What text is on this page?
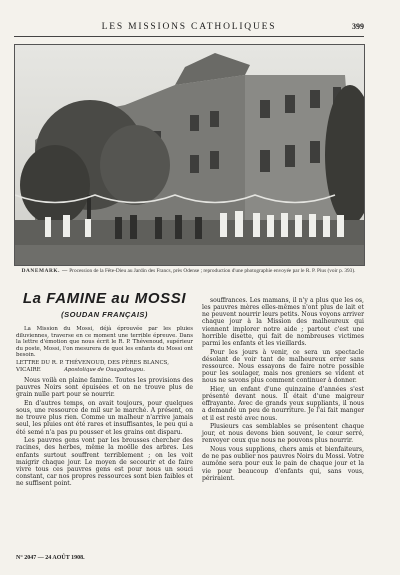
LES MISSIONS CATHOLIQUES	399
DANEMARK. — Procession de la Fête-Dieu au Jardin des Francs, près Odense ; reproduction d'une photographie envoyée par le R. P. Pius (voir p. 393).
La FAMINE au MOSSI
(SOUDAN FRANÇAIS)

La Mission du Mossi, déjà éprouvée par les pluies diluviennes, traverse en ce moment une terrible épreuve. Dans la lettre d'émotion que nous écrit le R. P. Thévenoud, supérieur du poste, Mossi, l'on mesurera de quoi les enfants du Mossi ont besoin.

LETTRE DU R. P. THÉVENOUD, DES PÈRES BLANCS, VICAIRE	Apostolique de Ouagadougou.

Nous voilà en plaine famine. Toutes les provisions des pauvres Noirs sont épuisées et on ne trouve plus de grain nulle part pour se nourrir.

En d'autres temps, on avait toujours, pour quelques sous, une ressource de mil sur le marché. A présent, on ne trouve plus rien. Comme un malheur n'arrive jamais seul, les pluies ont été rares et insuffisantes, le peu qui a été semé n'a pas pu pousser et les grains ont disparu.

Les pauvres gens vont par les brousses chercher des racines, des herbes, même la moëlle des arbres. Les enfants surtout souffrent terriblement ; on les voit maigrir chaque jour. Le moyen de secourir et de faire vivre tous ces pauvres gens est pour nous un souci constant, car nos propres ressources sont bien faibles et ne suffisent point.

souffrances. Les mamans, il n'y a plus que les os, les pauvres mères elles-mêmes n'ont plus de lait et ne peuvent nourrir leurs petits. Nous voyons arriver chaque jour à la Mission des malheureux qui viennent implorer notre aide ; partout c'est une horrible disette, qui fait de nombreuses victimes parmi les enfants et les vieillards.

Pour les jours à venir, ce sera un spectacle désolant de voir tant de malheureux errer sans ressource. Nous essayons de faire notre possible pour les soulager, mais nos greniers se vident et nous ne savons plus comment continuer à donner.

Hier, un enfant d'une quinzaine d'années s'est présenté devant nous. Il était d'une maigreur effrayante. Avec de grands yeux suppliants, il nous a demandé un peu de nourriture. Je l'ai fait manger et il est resté avec nous.

Plusieurs cas semblables se présentent chaque jour, et nous devons bien souvent, le cœur serré, renvoyer ceux que nous ne pouvons plus nourrir.

Nous vous supplions, chers amis et bienfaiteurs, de ne pas oublier nos pauvres Noirs du Mossi. Votre aumône sera pour eux le pain de chaque jour et la vie pour beaucoup d'enfants qui, sans vous, périraient.

N° 2047 — 24 AOÛT 1908.
